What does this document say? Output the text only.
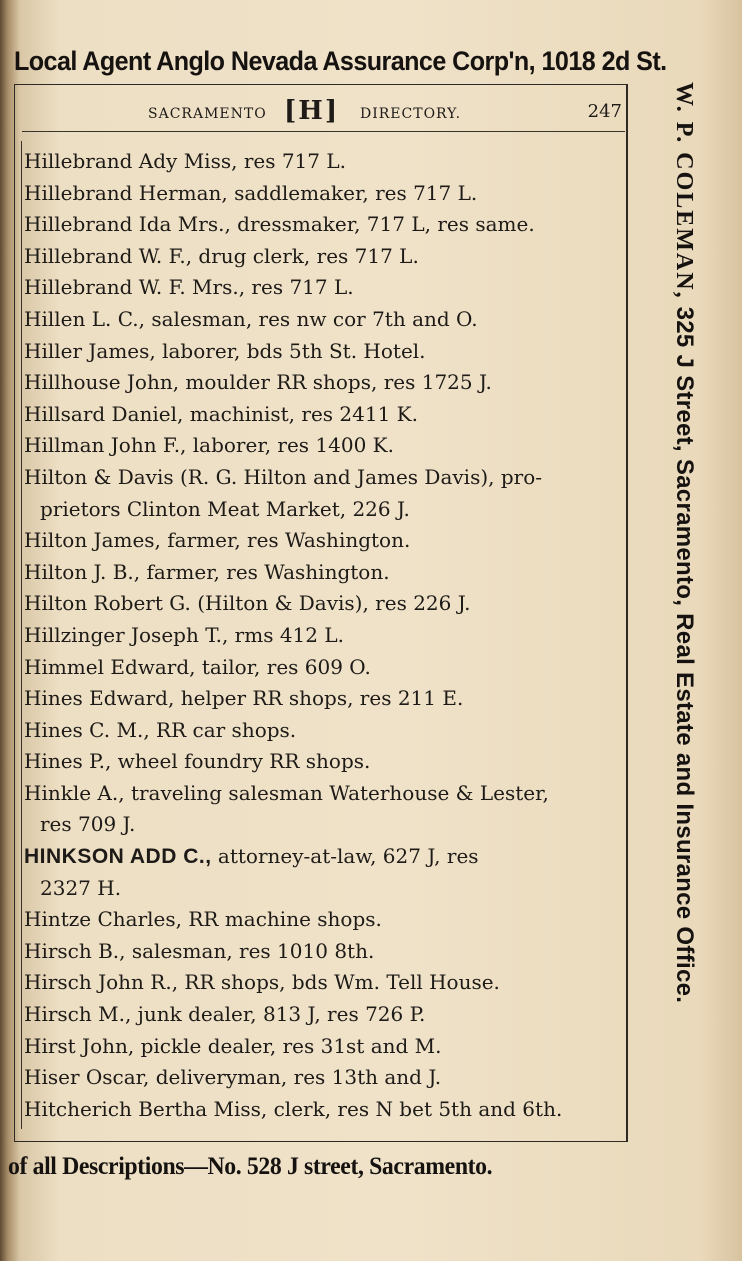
Local Agent Anglo Nevada Assurance Corp'n, 1018 2d St.
SACRAMENTO [H] DIRECTORY.	247
Hillebrand Ady Miss, res 717 L.
Hillebrand Herman, saddlemaker, res 717 L.
Hillebrand Ida Mrs., dressmaker, 717 L, res same.
Hillebrand W. F., drug clerk, res 717 L.
Hillebrand W. F. Mrs., res 717 L.
Hillen L. C., salesman, res nw cor 7th and O.
Hiller James, laborer, bds 5th St. Hotel.
Hillhouse John, moulder RR shops, res 1725 J.
Hillsard Daniel, machinist, res 2411 K.
Hillman John F., laborer, res 1400 K.
Hilton & Davis (R. G. Hilton and James Davis), pro-
prietors Clinton Meat Market, 226 J.
Hilton James, farmer, res Washington.
Hilton J. B., farmer, res Washington.
Hilton Robert G. (Hilton & Davis), res 226 J.
Hillzinger Joseph T., rms 412 L.
Himmel Edward, tailor, res 609 O.
Hines Edward, helper RR shops, res 211 E.
Hines C. M., RR car shops.
Hines P., wheel foundry RR shops.
Hinkle A., traveling salesman Waterhouse & Lester,
res 709 J.
HINKSON ADD C., attorney-at-law, 627 J, res
2327 H.
Hintze Charles, RR machine shops.
Hirsch B., salesman, res 1010 8th.
Hirsch John R., RR shops, bds Wm. Tell House.
Hirsch M., junk dealer, 813 J, res 726 P.
Hirst John, pickle dealer, res 31st and M.
Hiser Oscar, deliveryman, res 13th and J.
Hitcherich Bertha Miss, clerk, res N bet 5th and 6th.
W. P. COLEMAN, 325 J Street, Sacramento, Real Estate and Insurance Office.
of all Descriptions—No. 528 J street, Sacramento.
